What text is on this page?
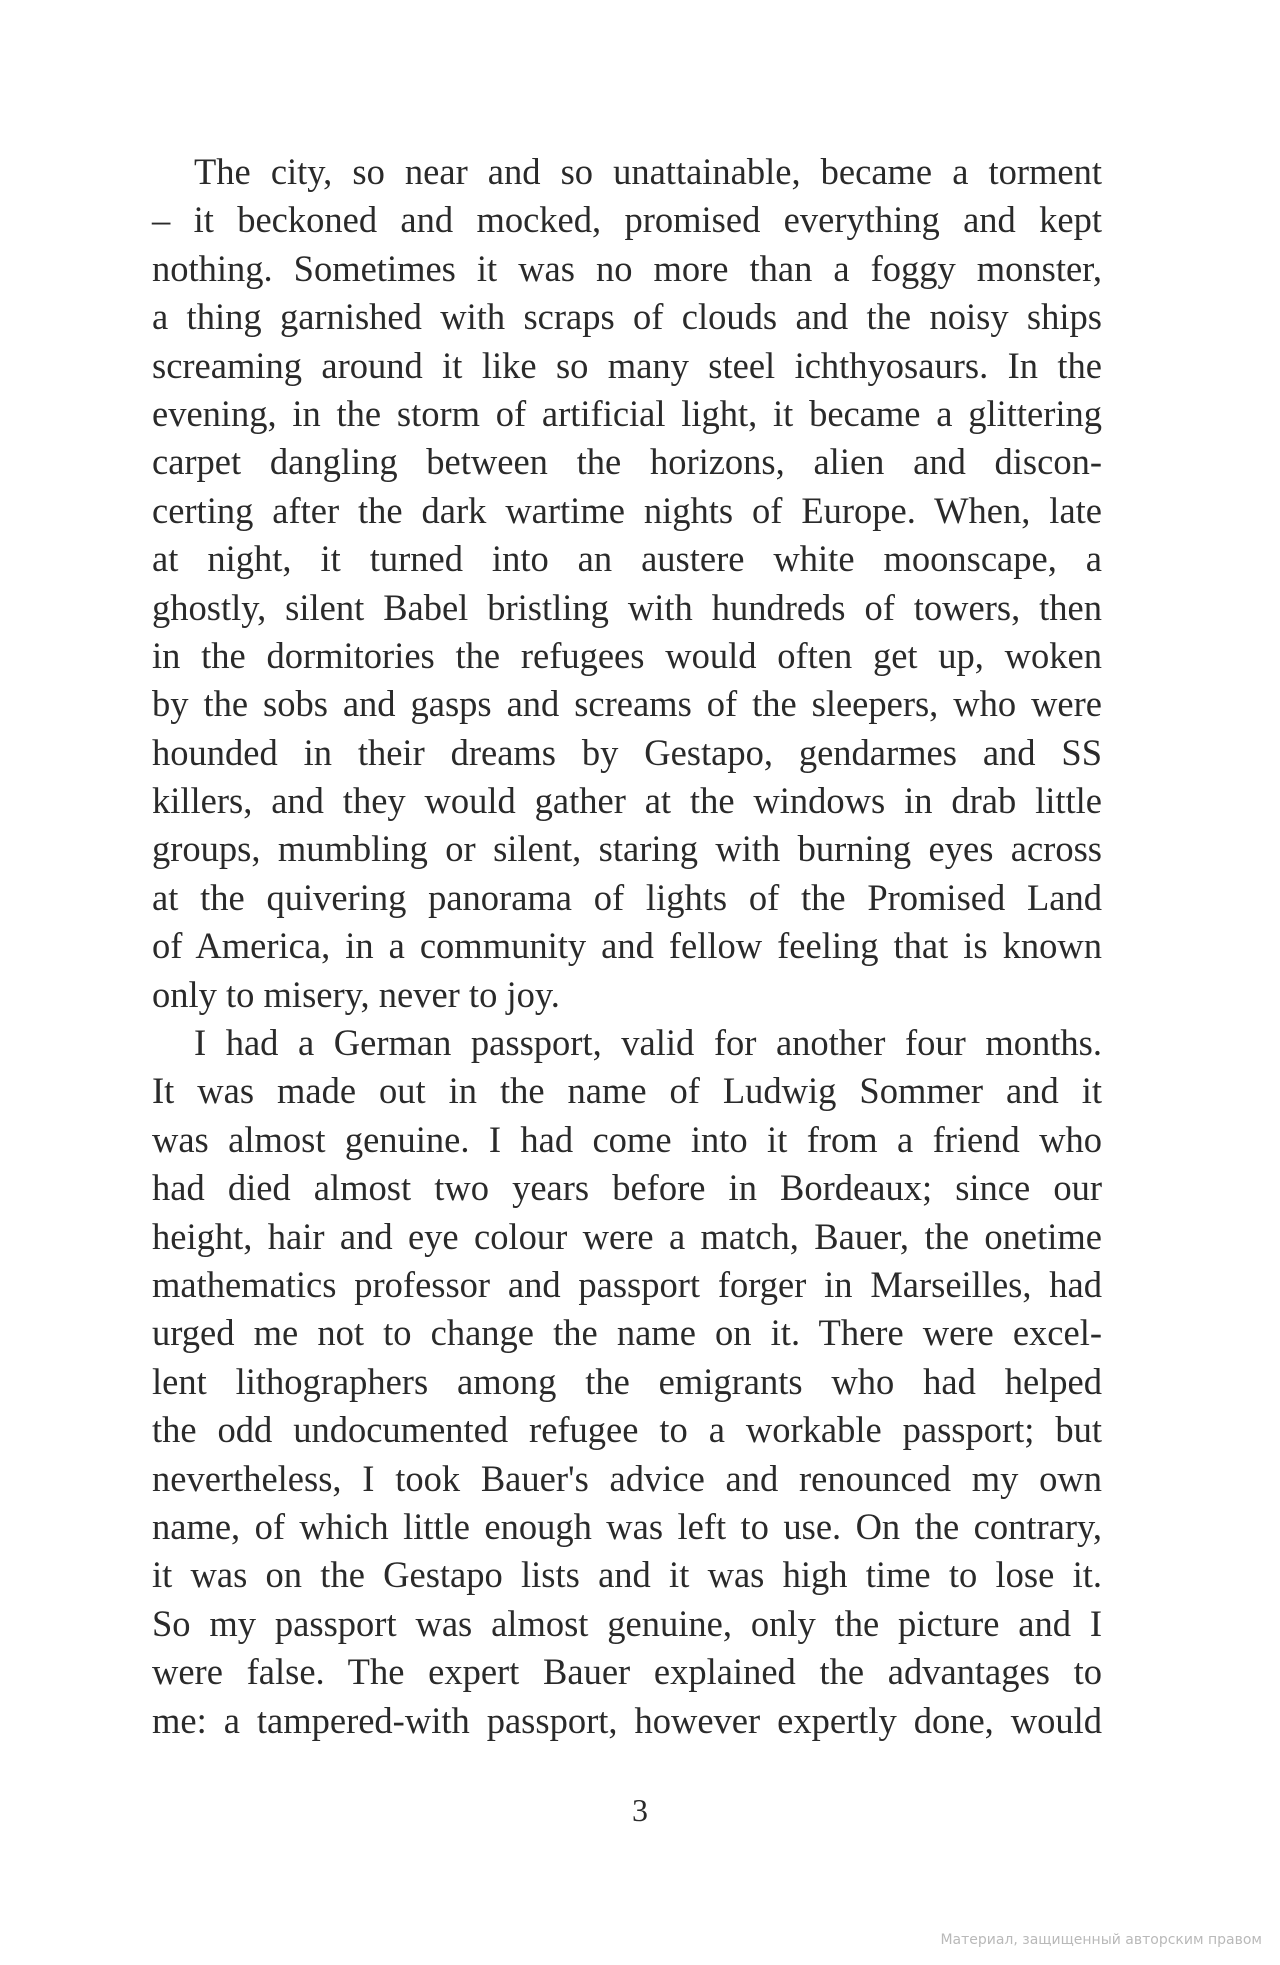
The city, so near and so unattainable, became a torment
– it beckoned and mocked, promised everything and kept
nothing. Sometimes it was no more than a foggy monster,
a thing garnished with scraps of clouds and the noisy ships
screaming around it like so many steel ichthyosaurs. In the
evening, in the storm of artificial light, it became a glittering
carpet dangling between the horizons, alien and discon-
certing after the dark wartime nights of Europe. When, late
at night, it turned into an austere white moonscape, a
ghostly, silent Babel bristling with hundreds of towers, then
in the dormitories the refugees would often get up, woken
by the sobs and gasps and screams of the sleepers, who were
hounded in their dreams by Gestapo, gendarmes and SS
killers, and they would gather at the windows in drab little
groups, mumbling or silent, staring with burning eyes across
at the quivering panorama of lights of the Promised Land
of America, in a community and fellow feeling that is known
only to misery, never to joy.
I had a German passport, valid for another four months.
It was made out in the name of Ludwig Sommer and it
was almost genuine. I had come into it from a friend who
had died almost two years before in Bordeaux; since our
height, hair and eye colour were a match, Bauer, the onetime
mathematics professor and passport forger in Marseilles, had
urged me not to change the name on it. There were excel-
lent lithographers among the emigrants who had helped
the odd undocumented refugee to a workable passport; but
nevertheless, I took Bauer's advice and renounced my own
name, of which little enough was left to use. On the contrary,
it was on the Gestapo lists and it was high time to lose it.
So my passport was almost genuine, only the picture and I
were false. The expert Bauer explained the advantages to
me: a tampered-with passport, however expertly done, would
3
Материал, защищенный авторским правом
